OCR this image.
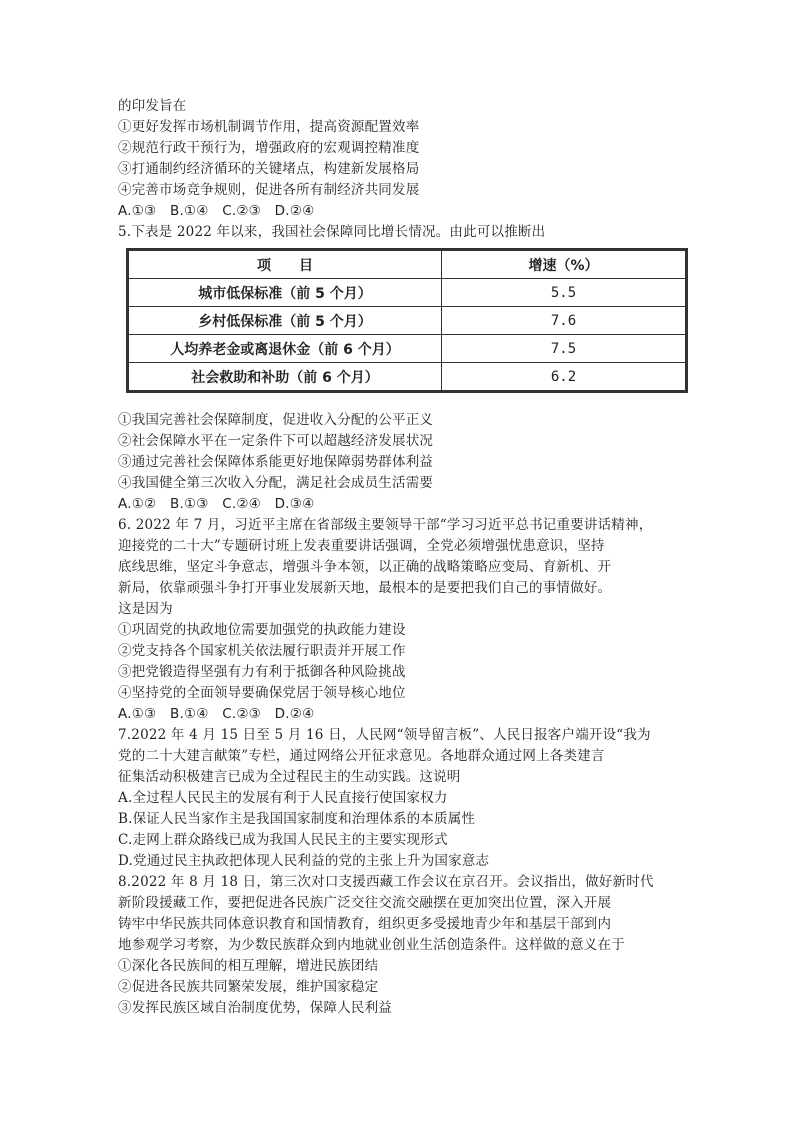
的印发旨在
①更好发挥市场机制调节作用，提高资源配置效率
②规范行政干预行为，增强政府的宏观调控精准度
③打通制约经济循环的关键堵点，构建新发展格局
④完善市场竞争规则，促进各所有制经济共同发展
A.①③　B.①④　C.②③　D.②④
5.下表是 2022 年以来，我国社会保障同比增长情况。由此可以推断出
项　　目	增速（%）
城市低保标准（前 5 个月）	5.5
乡村低保标准（前 5 个月）	7.6
人均养老金或离退休金（前 6 个月）	7.5
社会救助和补助（前 6 个月）	6.2
①我国完善社会保障制度，促进收入分配的公平正义
②社会保障水平在一定条件下可以超越经济发展状况
③通过完善社会保障体系能更好地保障弱势群体利益
④我国健全第三次收入分配，满足社会成员生活需要
A.①②　B.①③　C.②④　D.③④
6. 2022 年 7 月，习近平主席在省部级主要领导干部“学习习近平总书记重要讲话精神，
迎接党的二十大”专题研讨班上发表重要讲话强调，全党必须增强忧患意识，坚持
底线思维，坚定斗争意志，增强斗争本领，以正确的战略策略应变局、育新机、开
新局，依靠顽强斗争打开事业发展新天地，最根本的是要把我们自己的事情做好。
这是因为
①巩固党的执政地位需要加强党的执政能力建设
②党支持各个国家机关依法履行职责并开展工作
③把党锻造得坚强有力有利于抵御各种风险挑战
④坚持党的全面领导要确保党居于领导核心地位
A.①③　B.①④　C.②③　D.②④
7.2022 年 4 月 15 日至 5 月 16 日，人民网“领导留言板”、人民日报客户端开设“我为
党的二十大建言献策”专栏，通过网络公开征求意见。各地群众通过网上各类建言
征集活动积极建言已成为全过程民主的生动实践。这说明
A.全过程人民民主的发展有利于人民直接行使国家权力
B.保证人民当家作主是我国国家制度和治理体系的本质属性
C.走网上群众路线已成为我国人民民主的主要实现形式
D.党通过民主执政把体现人民利益的党的主张上升为国家意志
8.2022 年 8 月 18 日，第三次对口支援西藏工作会议在京召开。会议指出，做好新时代
新阶段援藏工作，要把促进各民族广泛交往交流交融摆在更加突出位置，深入开展
铸牢中华民族共同体意识教育和国情教育，组织更多受援地青少年和基层干部到内
地参观学习考察，为少数民族群众到内地就业创业生活创造条件。这样做的意义在于
①深化各民族间的相互理解，增进民族团结
②促进各民族共同繁荣发展，维护国家稳定
③发挥民族区域自治制度优势，保障人民利益
